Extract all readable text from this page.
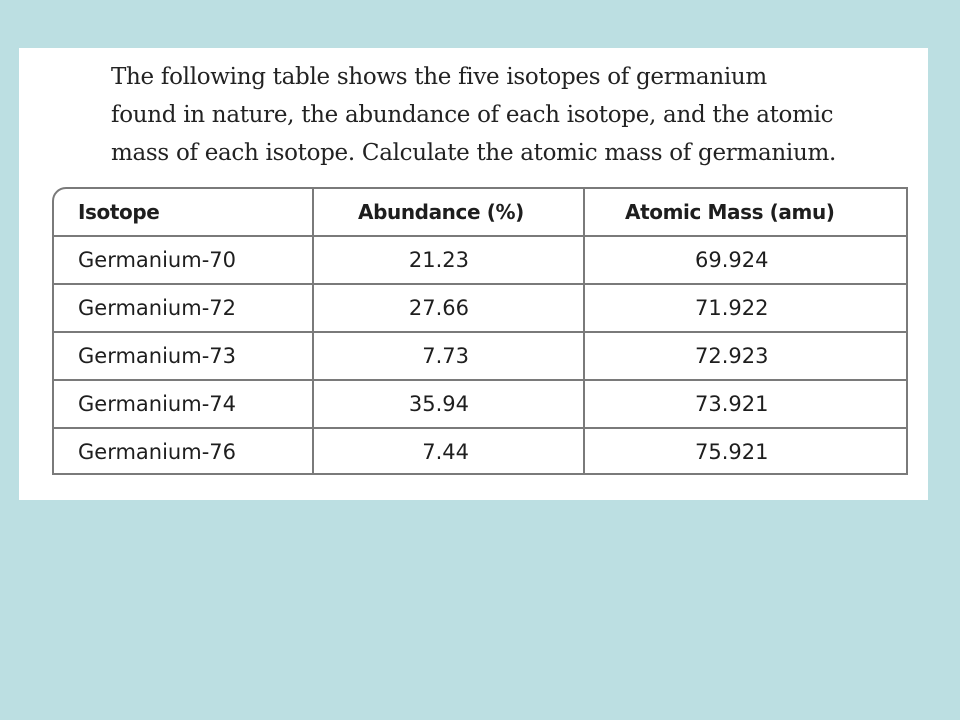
The following table shows the five isotopes of germanium
found in nature, the abundance of each isotope, and the atomic
mass of each isotope. Calculate the atomic mass of germanium.

Isotope	Abundance (%)	Atomic Mass (amu)
Germanium-70	21.23	69.924
Germanium-72	27.66	71.922
Germanium-73	7.73	72.923
Germanium-74	35.94	73.921
Germanium-76	7.44	75.921
